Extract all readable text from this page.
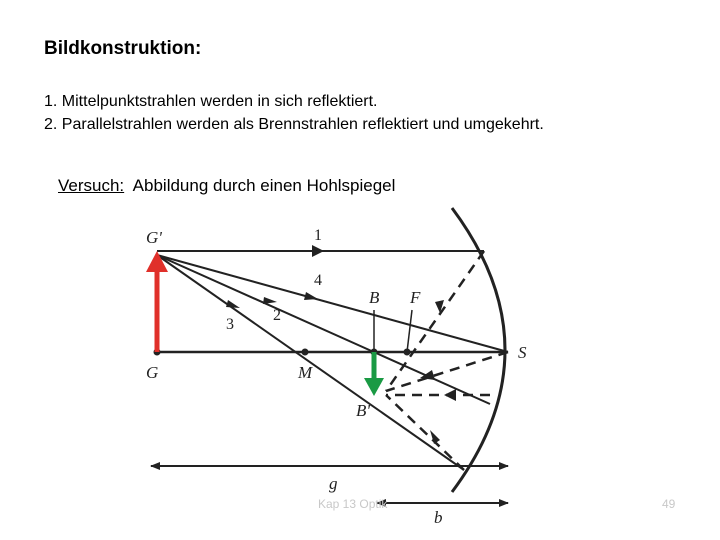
Bildkonstruktion:
1. Mittelpunktstrahlen werden in sich reflektiert.
2. Parallelstrahlen werden als Brennstrahlen reflektiert und umgekehrt.
Versuch: Abbildung durch einen Hohlspiegel
G'
G	M
F
B
B'
S
g
b
1
4
2
3
Kap 13 Optik	49
